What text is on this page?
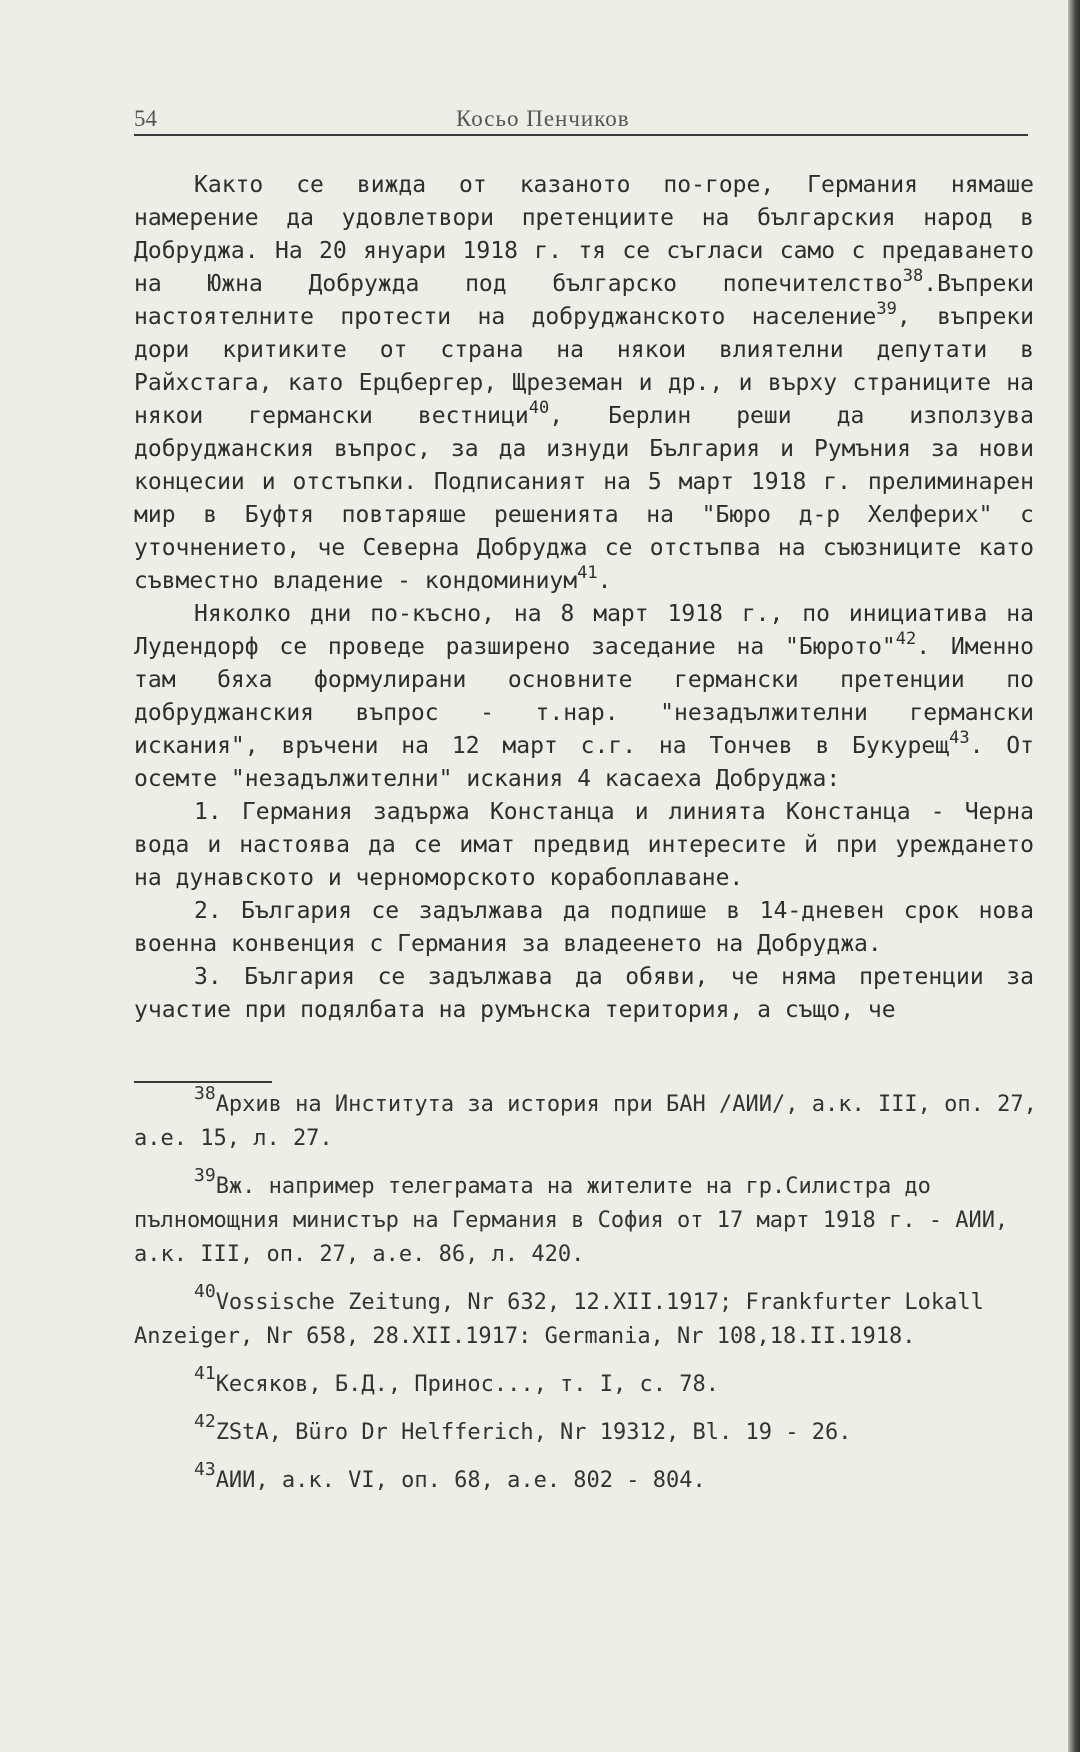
54	Косьо Пенчиков

Както се вижда от казаното по-горе, Германия нямаше намерение да удовлетвори претенциите на българския народ в Добруджа. На 20 януари 1918 г. тя се съгласи само с предаването на Южна Добружда под българско попечителство$^{38}$.Въпреки настоятелните протести на добруджанското население$^{39}$, въпреки дори критиките от страна на някои влиятелни депутати в Райхстага, като Ерцбергер, Щреземан и др., и върху страниците на някои германски вестници$^{40}$, Берлин реши да използува добруджанския въпрос, за да изнуди България и Румъния за нови концесии и отстъпки. Подписаният на 5 март 1918 г. прелиминарен мир в Буфтя повтаряше решенията на "Бюро д-р Хелферих" с уточнението, че Северна Добруджа се отстъпва на съюзниците като съвместно владение - кондоминиум$^{41}$.

Няколко дни по-късно, на 8 март 1918 г., по инициатива на Лудендорф се проведе разширено заседание на "Бюрото"$^{42}$. Именно там бяха формулирани основните германски претенции по добруджанския въпрос - т.нар. "незадължителни германски искания", връчени на 12 март с.г. на Тончев в Букурещ$^{43}$. От осемте "незадължителни" искания 4 касаеха Добруджа:

1. Германия задържа Констанца и линията Констанца - Черна вода и настоява да се имат предвид интересите й при уреждането на дунавското и черноморското корабоплаване.

2. България се задължава да подпише в 14-дневен срок нова военна конвенция с Германия за владеенето на Добруджа.

3. България се задължава да обяви, че няма претенции за участие при подялбата на румънска територия, а също, че

$^{38}$Архив на Института за история при БАН /АИИ/, а.к. III, оп. 27, а.е. 15, л. 27.

$^{39}$Вж. например телеграмата на жителите на гр.Силистра до пълномощния министър на Германия в София от 17 март 1918 г. - АИИ, а.к. III, оп. 27, а.е. 86, л. 420.

$^{40}$Vossische Zeitung, Nr 632, 12.XII.1917; Frankfurter Lokall Anzeiger, Nr 658, 28.XII.1917: Germania, Nr 108,18.II.1918.

$^{41}$Кесяков, Б.Д., Принос..., т. I, с. 78.

$^{42}$ZStA, Büro Dr Helfferich, Nr 19312, Bl. 19 - 26.

$^{43}$АИИ, а.к. VI, оп. 68, а.е. 802 - 804.
